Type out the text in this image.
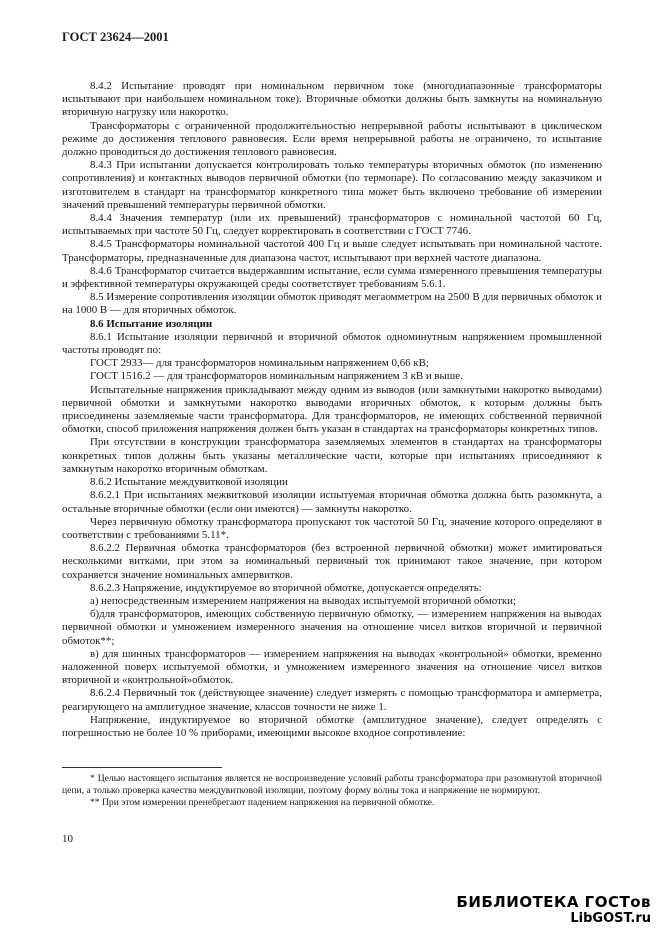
ГОСТ 23624—2001

8.4.2 Испытание проводят при номинальном первичном токе (многодиапазонные трансформаторы испытывают при наибольшем номинальном токе). Вторичные обмотки должны быть замкнуты на номинальную вторичную нагрузку или накоротко.

Трансформаторы с ограниченной продолжительностью непрерывной работы испытывают в циклическом режиме до достижения теплового равновесия. Если время непрерывной работы не ограничено, то испытание должно проводиться до достижения теплового равновесия.

8.4.3 При испытании допускается контролировать только температуры вторичных обмоток (по изменению сопротивления) и контактных выводов первичной обмотки (по термопаре). По согласованию между заказчиком и изготовителем в стандарт на трансформатор конкретного типа может быть включено требование об измерении значений превышений температуры первичной обмотки.

8.4.4 Значения температур (или их превышений) трансформаторов с номинальной частотой 60 Гц, испытываемых при частоте 50 Гц, следует корректировать в соответствии с ГОСТ 7746.

8.4.5 Трансформаторы номинальной частотой 400 Гц и выше следует испытывать при номинальной частоте. Трансформаторы, предназначенные для диапазона частот, испытывают при верхней частоте диапазона.

8.4.6 Трансформатор считается выдержавшим испытание, если сумма измеренного превышения температуры и эффективной температуры окружающей среды соответствует требованиям 5.6.1.

8.5 Измерение сопротивления изоляции обмоток приводят мегаомметром на 2500 В для первичных обмоток и на 1000 В — для вторичных обмоток.

8.6 Испытание изоляции

8.6.1 Испытание изоляции первичной и вторичной обмоток одноминутным напряжением промышленной частоты проводят по:

ГОСТ 2933— для трансформаторов номинальным напряжением 0,66 кВ;

ГОСТ 1516.2 — для трансформаторов номинальным напряжением 3 кВ и выше.

Испытательные напряжения прикладывают между одним из выводов (или замкнутыми накоротко выводами) первичной обмотки и замкнутыми накоротко выводами вторичных обмоток, к которым должны быть присоединены заземляемые части трансформатора. Для трансформаторов, не имеющих собственной первичной обмотки, способ приложения напряжения должен быть указан в стандартах на трансформаторы конкретных типов.

При отсутствии в конструкции трансформатора заземляемых элементов в стандартах на трансформаторы конкретных типов должны быть указаны металлические части, которые при испытаниях присоединяют к замкнутым накоротко вторичным обмоткам.

8.6.2 Испытание междувитковой изоляции

8.6.2.1 При испытаниях межвитковой изоляции испытуемая вторичная обмотка должна быть разомкнута, а остальные вторичные обмотки (если они имеются) — замкнуты накоротко.

Через первичную обмотку трансформатора пропускают ток частотой 50 Гц, значение которого определяют в соответствии с требованиями 5.11*.

8.6.2.2 Первичная обмотка трансформаторов (без встроенной первичной обмотки) может имитироваться несколькими витками, при этом за номинальный первичный ток принимают такое значение, при котором сохраняется значение номинальных ампервитков.

8.6.2.3 Напряжение, индуктируемое во вторичной обмотке, допускается определять:

а) непосредственным измерением напряжения на выводах испытуемой вторичной обмотки;

б)для трансформаторов, имеющих собственную первичную обмотку, — измерением напряжения на выводах первичной обмотки и умножением измеренного значения на отношение чисел витков вторичной и первичной обмоток**;

в) для шинных трансформаторов — измерением напряжения на выводах «контрольной» обмотки, временно наложенной поверх испытуемой обмотки, и умножением измеренного значения на отношение чисел витков вторичной и «контрольной»обмоток.

8.6.2.4 Первичный ток (действующее значение) следует измерять с помощью трансформатора и амперметра, реагирующего на амплитудное значение, классов точности не ниже 1.

Напряжение, индуктируемое во вторичной обмотке (амплитудное значение), следует определять с погрешностью не более 10 % приборами, имеющими высокое входное сопротивление:

* Целью настоящего испытания является не воспроизведение условий работы трансформатора при разомкнутой вторичной цепи, а только проверка качества междувитковой изоляции, поэтому форму волны тока и напряжение не нормируют.

** При этом измерении пренебрегают падением напряжения на первичной обмотке.

10
БИБЛИОТЕКА ГОСТов
LibGOST.ru
